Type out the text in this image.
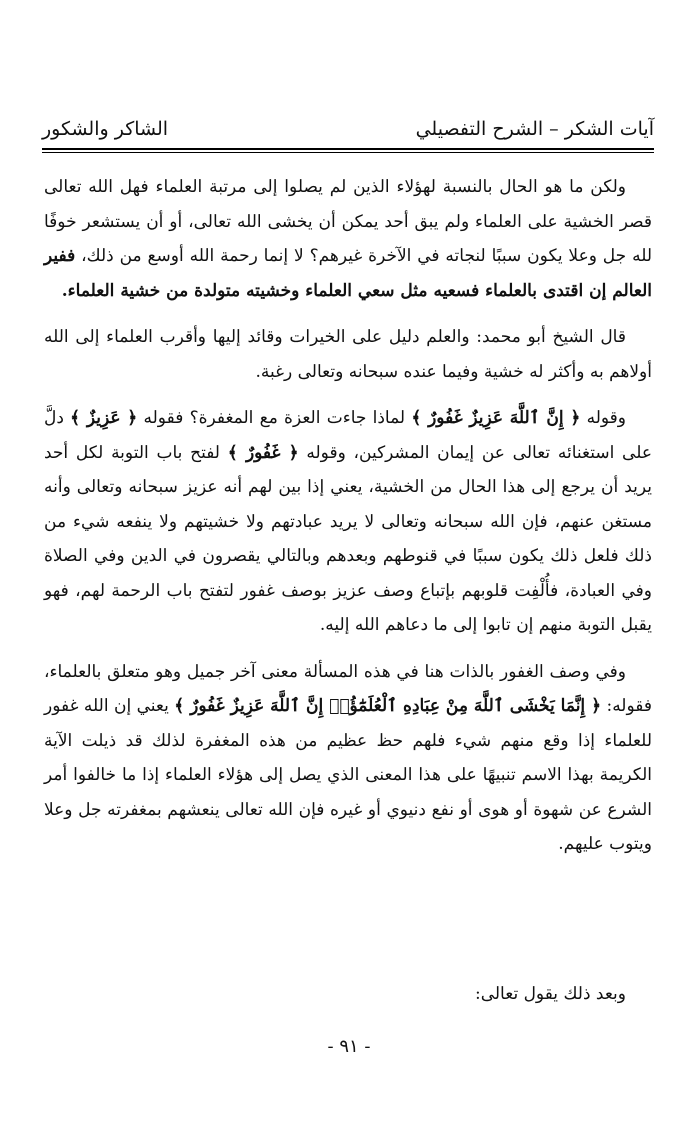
آيات الشكر – الشرح التفصيلي
الشاكر والشكور

ولكن ما هو الحال بالنسبة لهؤلاء الذين لم يصلوا إلى مرتبة العلماء فهل الله تعالى قصر الخشية على العلماء ولم يبق أحد يمكن أن يخشى الله تعالى، أو أن يستشعر خوفًا لله جل وعلا يكون سببًا لنجاته في الآخرة غيرهم؟ لا إنما رحمة الله أوسع من ذلك، ففير العالم إن اقتدى بالعلماء فسعيه مثل سعي العلماء وخشيته متولدة من خشية العلماء.

قال الشيخ أبو محمد: والعلم دليل على الخيرات وقائد إليها وأقرب العلماء إلى الله أولاهم به وأكثر له خشية وفيما عنده سبحانه وتعالى رغبة.

وقوله ﴿ إِنَّ ٱللَّهَ عَزِيزٌ غَفُورٌ ﴾ لماذا جاءت العزة مع المغفرة؟ فقوله ﴿ عَزِيزٌ ﴾ دلَّ على استغنائه تعالى عن إيمان المشركين، وقوله ﴿ غَفُورٌ ﴾ لفتح باب التوبة لكل أحد يريد أن يرجع إلى هذا الحال من الخشية، يعني إذا بين لهم أنه عزيز سبحانه وتعالى وأنه مستغن عنهم، فإن الله سبحانه وتعالى لا يريد عبادتهم ولا خشيتهم ولا ينفعه شيء من ذلك فلعل ذلك يكون سببًا في قنوطهم وبعدهم وبالتالي يقصرون في الدين وفي الصلاة وفي العبادة، فأُلْفِت قلوبهم بإتباع وصف عزيز بوصف غفور لتفتح باب الرحمة لهم، فهو يقبل التوبة منهم إن تابوا إلى ما دعاهم الله إليه.

وفي وصف الغفور بالذات هنا في هذه المسألة معنى آخر جميل وهو متعلق بالعلماء، فقوله: ﴿ إِنَّمَا يَخْشَى ٱللَّهَ مِنْ عِبَادِهِ ٱلْعُلَمَٰٓؤُا۟ إِنَّ ٱللَّهَ عَزِيزٌ غَفُورٌ ﴾ يعني إن الله غفور للعلماء إذا وقع منهم شيء فلهم حظ عظيم من هذه المغفرة لذلك قد ذيلت الآية الكريمة بهذا الاسم تنبيهًا على هذا المعنى الذي يصل إلى هؤلاء العلماء إذا ما خالفوا أمر الشرع عن شهوة أو هوى أو نفع دنيوي أو غيره فإن الله تعالى ينعشهم بمغفرته جل وعلا ويتوب عليهم.

وبعد ذلك يقول تعالى:
- ٩١ -
